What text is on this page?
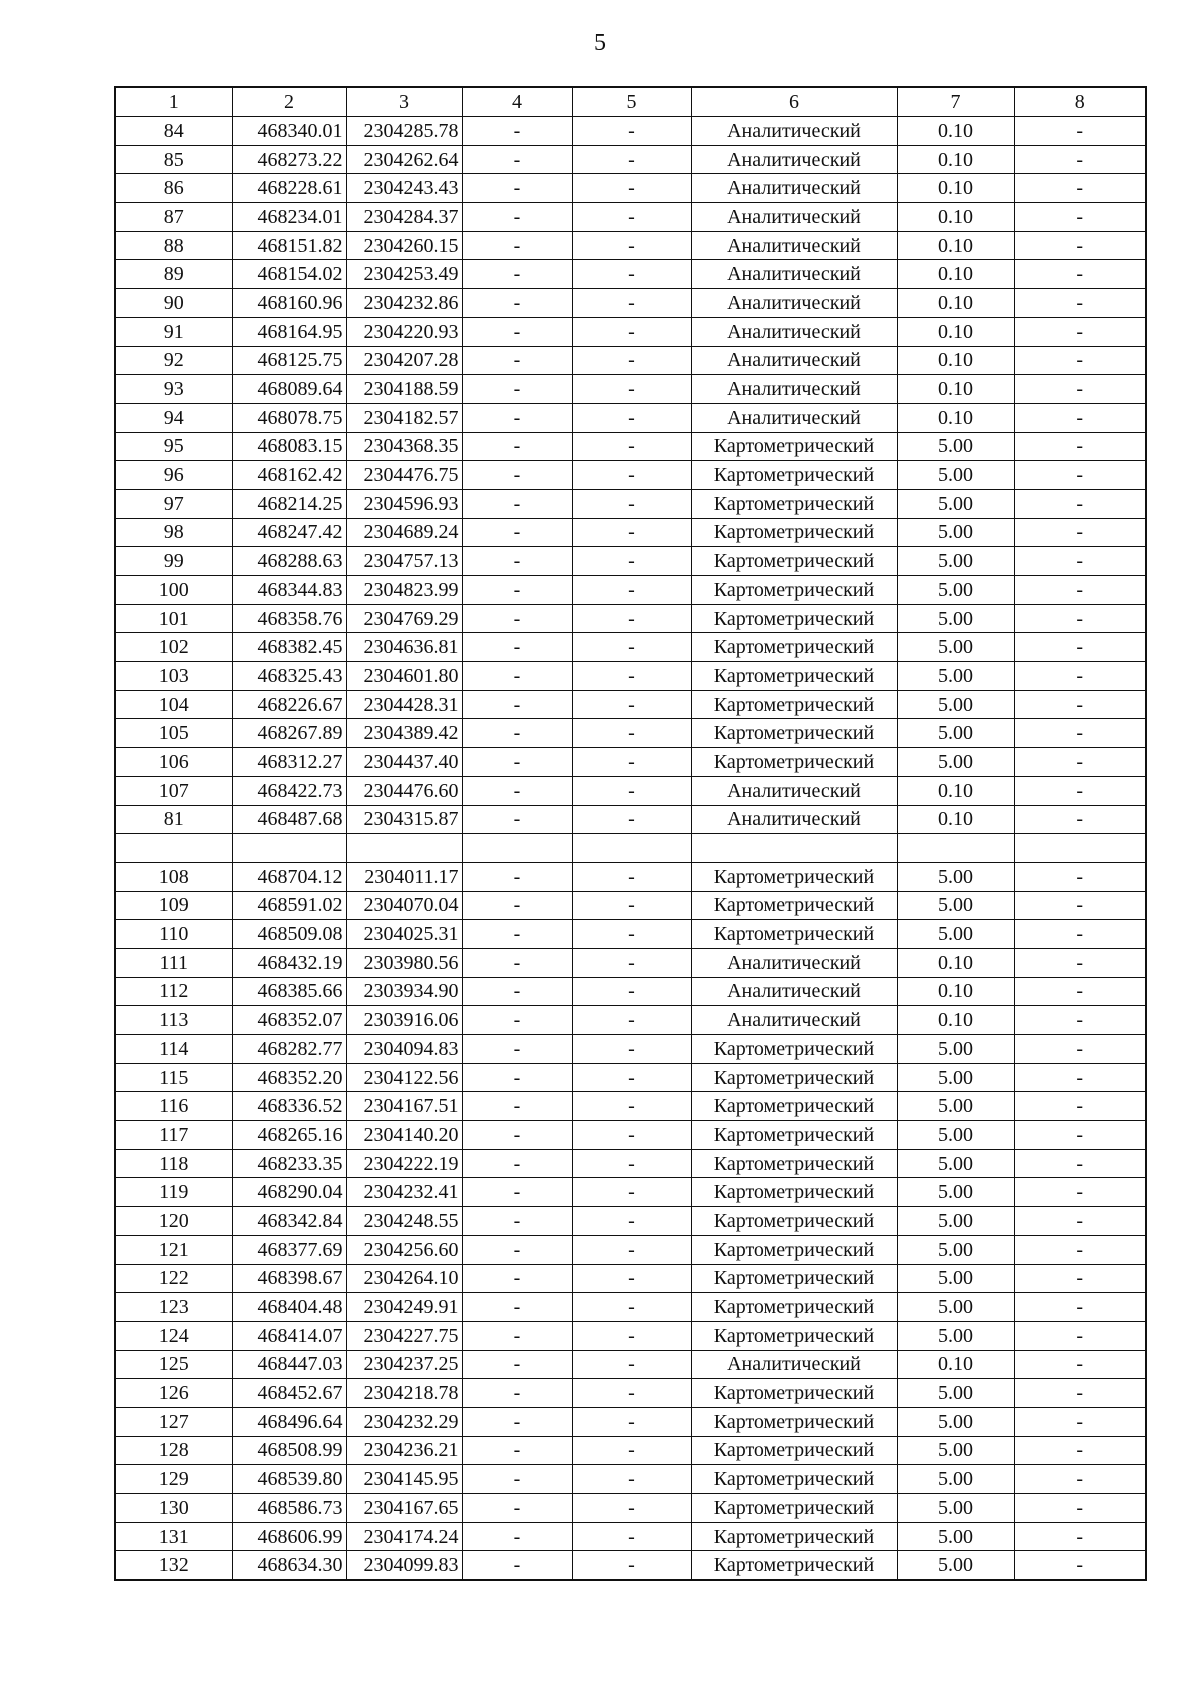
5
1	2	3	4	5	6	7	8
84	468340.01	2304285.78	-	-	Аналитический	0.10	-
85	468273.22	2304262.64	-	-	Аналитический	0.10	-
86	468228.61	2304243.43	-	-	Аналитический	0.10	-
87	468234.01	2304284.37	-	-	Аналитический	0.10	-
88	468151.82	2304260.15	-	-	Аналитический	0.10	-
89	468154.02	2304253.49	-	-	Аналитический	0.10	-
90	468160.96	2304232.86	-	-	Аналитический	0.10	-
91	468164.95	2304220.93	-	-	Аналитический	0.10	-
92	468125.75	2304207.28	-	-	Аналитический	0.10	-
93	468089.64	2304188.59	-	-	Аналитический	0.10	-
94	468078.75	2304182.57	-	-	Аналитический	0.10	-
95	468083.15	2304368.35	-	-	Картометрический	5.00	-
96	468162.42	2304476.75	-	-	Картометрический	5.00	-
97	468214.25	2304596.93	-	-	Картометрический	5.00	-
98	468247.42	2304689.24	-	-	Картометрический	5.00	-
99	468288.63	2304757.13	-	-	Картометрический	5.00	-
100	468344.83	2304823.99	-	-	Картометрический	5.00	-
101	468358.76	2304769.29	-	-	Картометрический	5.00	-
102	468382.45	2304636.81	-	-	Картометрический	5.00	-
103	468325.43	2304601.80	-	-	Картометрический	5.00	-
104	468226.67	2304428.31	-	-	Картометрический	5.00	-
105	468267.89	2304389.42	-	-	Картометрический	5.00	-
106	468312.27	2304437.40	-	-	Картометрический	5.00	-
107	468422.73	2304476.60	-	-	Аналитический	0.10	-
81	468487.68	2304315.87	-	-	Аналитический	0.10	-

108	468704.12	2304011.17	-	-	Картометрический	5.00	-
109	468591.02	2304070.04	-	-	Картометрический	5.00	-
110	468509.08	2304025.31	-	-	Картометрический	5.00	-
111	468432.19	2303980.56	-	-	Аналитический	0.10	-
112	468385.66	2303934.90	-	-	Аналитический	0.10	-
113	468352.07	2303916.06	-	-	Аналитический	0.10	-
114	468282.77	2304094.83	-	-	Картометрический	5.00	-
115	468352.20	2304122.56	-	-	Картометрический	5.00	-
116	468336.52	2304167.51	-	-	Картометрический	5.00	-
117	468265.16	2304140.20	-	-	Картометрический	5.00	-
118	468233.35	2304222.19	-	-	Картометрический	5.00	-
119	468290.04	2304232.41	-	-	Картометрический	5.00	-
120	468342.84	2304248.55	-	-	Картометрический	5.00	-
121	468377.69	2304256.60	-	-	Картометрический	5.00	-
122	468398.67	2304264.10	-	-	Картометрический	5.00	-
123	468404.48	2304249.91	-	-	Картометрический	5.00	-
124	468414.07	2304227.75	-	-	Картометрический	5.00	-
125	468447.03	2304237.25	-	-	Аналитический	0.10	-
126	468452.67	2304218.78	-	-	Картометрический	5.00	-
127	468496.64	2304232.29	-	-	Картометрический	5.00	-
128	468508.99	2304236.21	-	-	Картометрический	5.00	-
129	468539.80	2304145.95	-	-	Картометрический	5.00	-
130	468586.73	2304167.65	-	-	Картометрический	5.00	-
131	468606.99	2304174.24	-	-	Картометрический	5.00	-
132	468634.30	2304099.83	-	-	Картометрический	5.00	-
